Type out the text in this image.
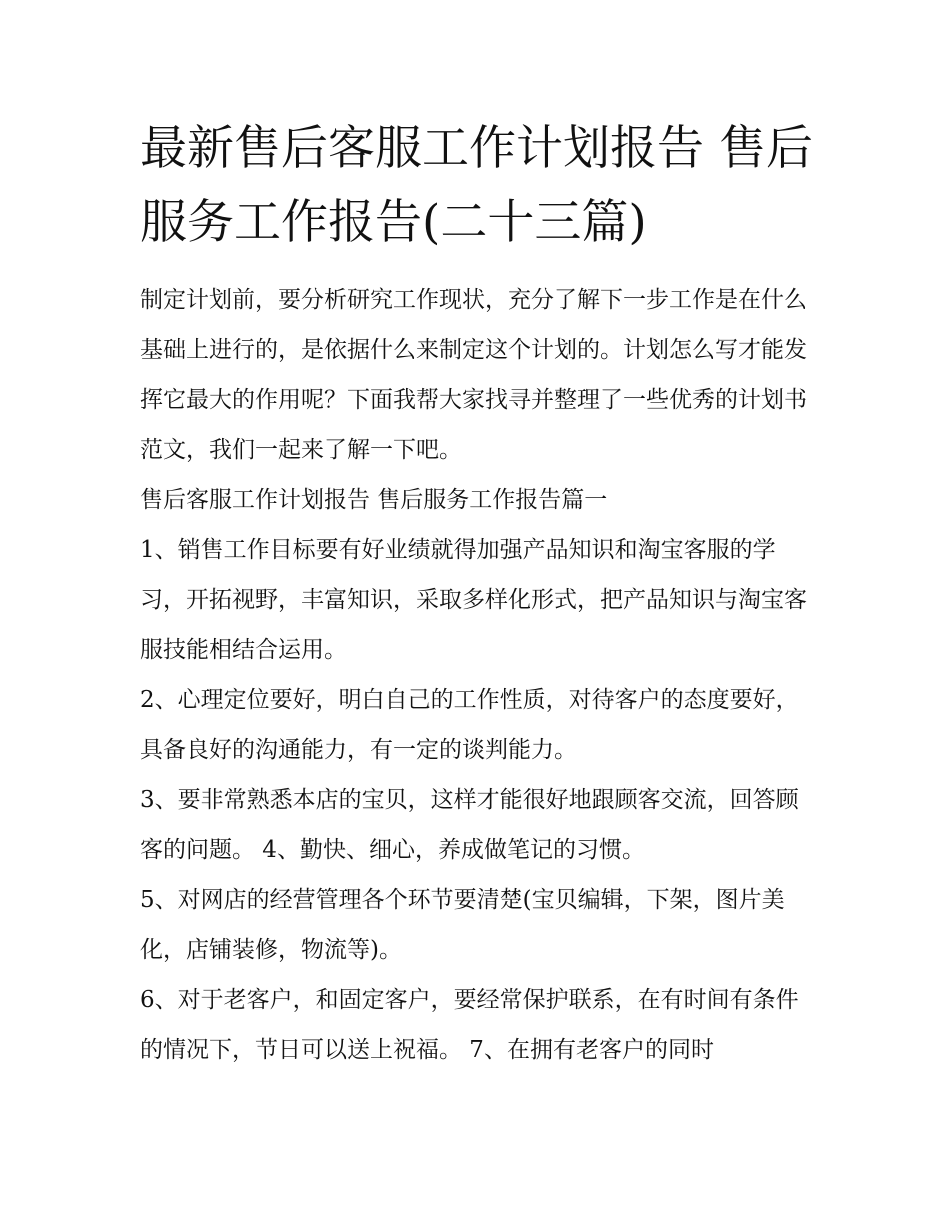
最新售后客服工作计划报告 售后服务工作报告(二十三篇)

制定计划前，要分析研究工作现状，充分了解下一步工作是在什么基础上进行的，是依据什么来制定这个计划的。计划怎么写才能发挥它最大的作用呢？下面我帮大家找寻并整理了一些优秀的计划书范文，我们一起来了解一下吧。

售后客服工作计划报告 售后服务工作报告篇一

1、销售工作目标要有好业绩就得加强产品知识和淘宝客服的学习，开拓视野，丰富知识，采取多样化形式，把产品知识与淘宝客服技能相结合运用。

2、心理定位要好，明白自己的工作性质，对待客户的态度要好，具备良好的沟通能力，有一定的谈判能力。

3、要非常熟悉本店的宝贝，这样才能很好地跟顾客交流，回答顾客的问题。 4、勤快、细心，养成做笔记的习惯。

5、对网店的经营管理各个环节要清楚(宝贝编辑，下架，图片美化，店铺装修，物流等)。

6、对于老客户，和固定客户，要经常保护联系，在有时间有条件的情况下，节日可以送上祝福。 7、在拥有老客户的同时
